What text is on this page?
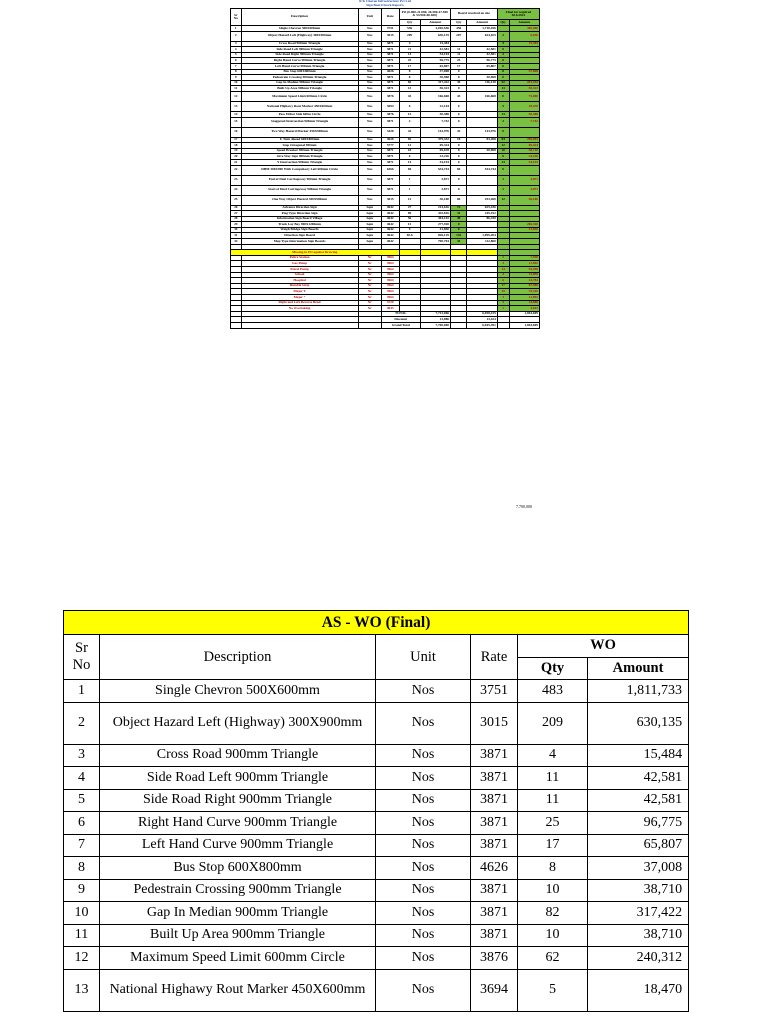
R K Charan Infrastructure Pvt Ltd									
Sign Board Stock Reports									
Sr No	Description	Unit	Rate	PO (0.000-21.080, 26.500-47.500 & 54.900-60.650)		Board received on site		Final lot required 28.6.2023	
				Qty	Amount	Qty	Amount	Qty	Amount
1	Single Chevron 500X600mm	Nos	3751	536	2,010,536	456	1,710,456		300,080
2	Object Hazard Left (Highway) 300X900mm	Nos	3015	209	630,135	207	624,105	2	6,030
3	Cross Road 900mm Triangle	Nos	3871	4	15,484			4	15,484
4	Side Road Left 900mm Triangle	Nos	3871	11	42,581	11	42,581	0	
5	Side Road Right 900mm Triangle	Nos	3871	14	54,194	11	42,581	3	
6	Right Hand Curve 900mm Triangle	Nos	3871	25	96,775	25	96,775	0	
7	Left Hand Curve 900mm Triangle	Nos	3871	17	65,807	17	65,807	0	
8	Bus Stop 600X800mm	Nos	4626	8	37,008	0		8	37,008
9	Pedestrain Crossing 900mm Triangle	Nos	3871	8	30,968	8	30,968	0	
10	Gap In Median 900mm Triangle	Nos	3871	82	317,422	30	116,130	52	201,292
11	Built Up Area 900mm Triangle	Nos	3871	13	50,323	0		13	50,323
12	Maximum Speed Limit 600mm Circle	Nos	3876	43	166,668	43	166,668	0	75,000
13	National Highawy Rout Marker 450X600mm	Nos	3694	6	22,164	0		5	18,470
14	Pass Either Side 600m Circle	Nos	3876	13	50,388	0		13	50,388
15	Staggered Intersection 900mm Triangle	Nos	3871	2	7,742	0		2	7,742
16	Two Way Hazard Marker 450X900mm	Nos	3428	42	143,976	42	143,976	0	
17	U Turn Ahead 600X800mm	Nos	4626	82	379,332	18	83,268	64	296,064
18	Stop Octagonal 900mm	Nos	5777	12	69,324	0		12	69,324
19	Speed Breaker 900mm Triangle	Nos	3871	18	69,678	8	30,968	10	38,710
20	Give Way Sign 900mm Triangle	Nos	3871	6	23,226	0		6	23,226
21	Y Intersection 900mm Triangle	Nos	3871	14	54,194	0		14	54,194
22	DHM 300X900 With Compulsary Left 600mm Circle	Nos	6366	84	534,744	84	534,744	0	
23	End of Duel Carriageway 900mm Triangle	Nos	3871	1	3,871	0		1	3,871
24	Start of Duel Carriageway 900mm Triangle	Nos	3871	1	3,871	0		1	3,871
25	One Way Object Hazard 300X900mm	Nos	3015	12	36,180	84	253,260	12	36,180
26	Advance Direction Sign	Sqm	4642	27	214,616	72	625,436		
27	Flag Type Direction Sign	Sqm	4642	89	425,816	31	249,192		
28	Information Sign Board Village	Sqm	4642	56	304,192	40	86,430		
29	Truck Lay Bay 900X1200mm	Sqm	4642	12	277,920	0			206,320
30	Weigh Bridge Sign Boards	Sqm	4642	9	41,850	0			41,850
31	Direction Sign Board	Sqm	4642	40.6	826,129	132	1,099,204		
32	Map Type Information Sign Boards	Sqm	4642		790,704	33	112,860		

Missing in PO against Drawing									
	Police Station	Nr	3964					2	7,928
	Gas Pump	Nr	3964					3	11,892
	Petrol Pump	Nr	3964					14	55,496
	School	Nr	3964					4	15,856
	Hospital	Nr	3964					6	23,784
	Rumble Strip	Nr	3964					17	67,388
	Major T	Nr	3964					19	75,316
	Major +	Nr	3964					3	11,892
	Right and Left Reverse Bend	Nr	3720					4	14,880
	No Overtaking	Nr	4643					1	4,643
			TOTAL		7,713,066		6,058,415		1,694,609
			Discount		13,086		13,424		
			Grand Total		7,700,000		6,045,391		1,694,609
7,700,000
AS - WO (Final)					
Sr No	Description	Unit	Rate	WO	
				Qty	Amount
1	Single Chevron 500X600mm	Nos	3751	483	1,811,733
2	Object Hazard Left (Highway) 300X900mm	Nos	3015	209	630,135
3	Cross Road 900mm Triangle	Nos	3871	4	15,484
4	Side Road Left 900mm Triangle	Nos	3871	11	42,581
5	Side Road Right 900mm Triangle	Nos	3871	11	42,581
6	Right Hand Curve 900mm Triangle	Nos	3871	25	96,775
7	Left Hand Curve 900mm Triangle	Nos	3871	17	65,807
8	Bus Stop 600X800mm	Nos	4626	8	37,008
9	Pedestrain Crossing 900mm Triangle	Nos	3871	10	38,710
10	Gap In Median 900mm Triangle	Nos	3871	82	317,422
11	Built Up Area 900mm Triangle	Nos	3871	10	38,710
12	Maximum Speed Limit 600mm Circle	Nos	3876	62	240,312
13	National Highawy Rout Marker 450X600mm	Nos	3694	5	18,470
